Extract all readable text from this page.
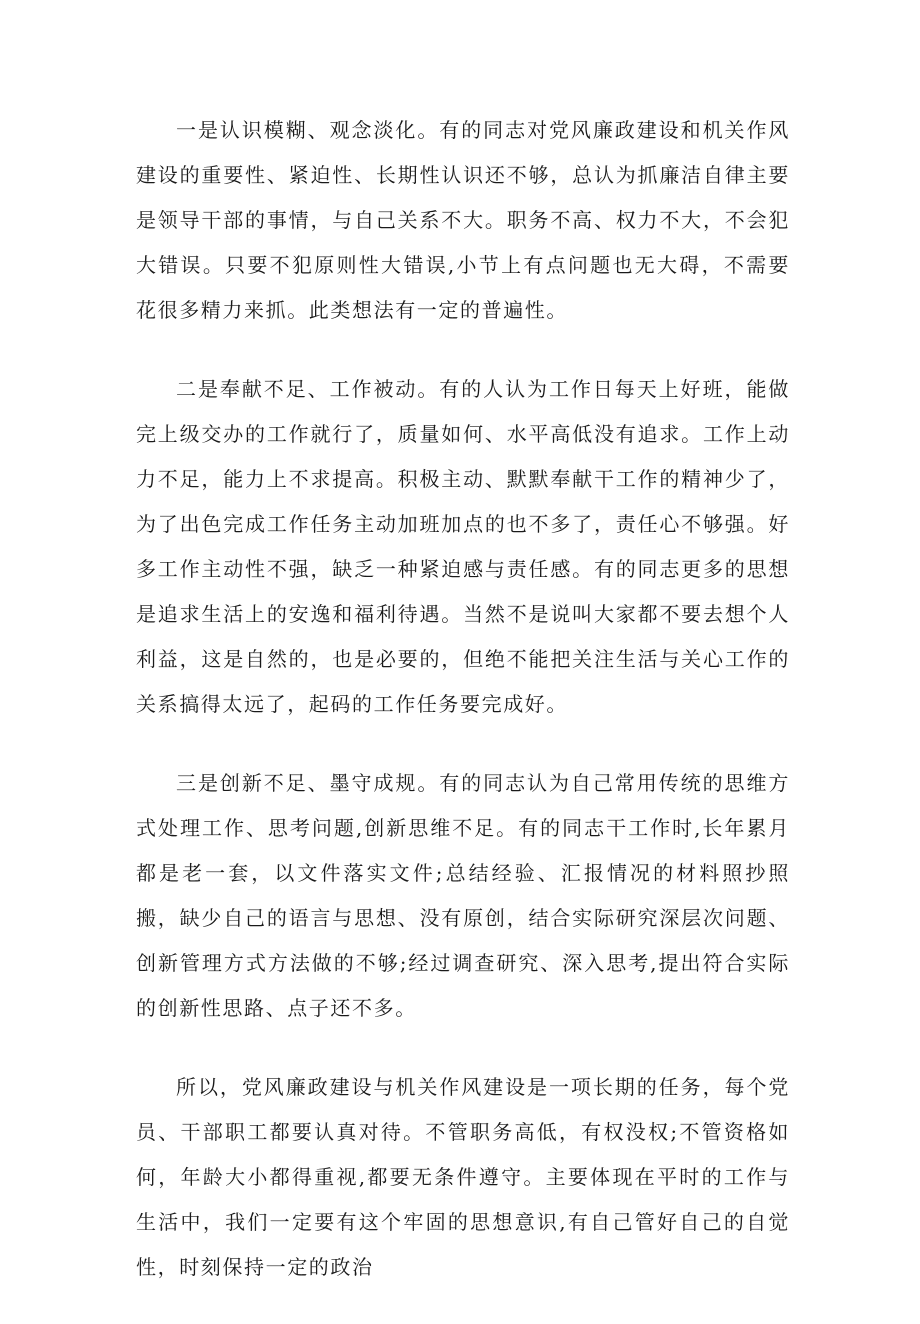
一是认识模糊、观念淡化。有的同志对党风廉政建设和机关作风建设的重要性、紧迫性、长期性认识还不够，总认为抓廉洁自律主要是领导干部的事情，与自己关系不大。职务不高、权力不大，不会犯大错误。只要不犯原则性大错误,小节上有点问题也无大碍，不需要花很多精力来抓。此类想法有一定的普遍性。

二是奉献不足、工作被动。有的人认为工作日每天上好班，能做完上级交办的工作就行了，质量如何、水平高低没有追求。工作上动力不足，能力上不求提高。积极主动、默默奉献干工作的精神少了，为了出色完成工作任务主动加班加点的也不多了，责任心不够强。好多工作主动性不强，缺乏一种紧迫感与责任感。有的同志更多的思想是追求生活上的安逸和福利待遇。当然不是说叫大家都不要去想个人利益，这是自然的，也是必要的，但绝不能把关注生活与关心工作的关系搞得太远了，起码的工作任务要完成好。

三是创新不足、墨守成规。有的同志认为自己常用传统的思维方式处理工作、思考问题,创新思维不足。有的同志干工作时,长年累月都是老一套，以文件落实文件;总结经验、汇报情况的材料照抄照搬，缺少自己的语言与思想、没有原创，结合实际研究深层次问题、创新管理方式方法做的不够;经过调查研究、深入思考,提出符合实际的创新性思路、点子还不多。

所以，党风廉政建设与机关作风建设是一项长期的任务，每个党员、干部职工都要认真对待。不管职务高低，有权没权;不管资格如何，年龄大小都得重视,都要无条件遵守。主要体现在平时的工作与生活中，我们一定要有这个牢固的思想意识,有自己管好自己的自觉性，时刻保持一定的政治
